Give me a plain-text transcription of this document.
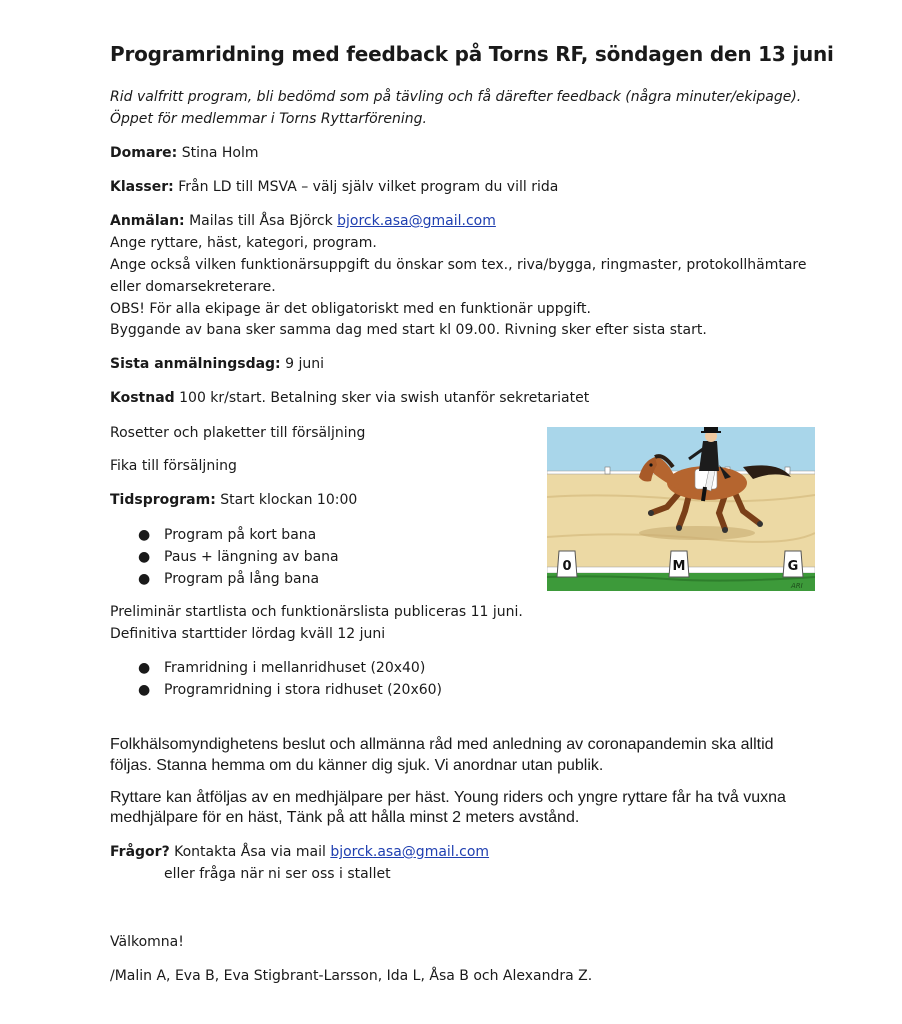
Programridning med feedback på Torns RF, söndagen den 13 juni
Rid valfritt program, bli bedömd som på tävling och få därefter feedback (några minuter/ekipage).
Öppet för medlemmar i Torns Ryttarförening.
Domare: Stina Holm
Klasser: Från LD till MSVA – välj själv vilket program du vill rida
Anmälan: Mailas till Åsa Björck bjorck.asa@gmail.com
Ange ryttare, häst, kategori, program.
Ange också vilken funktionärsuppgift du önskar som tex., riva/bygga, ringmaster, protokollhämtare
eller domarsekreterare.
OBS! För alla ekipage är det obligatoriskt med en funktionär uppgift.
Byggande av bana sker samma dag med start kl 09.00. Rivning sker efter sista start.
Sista anmälningsdag: 9 juni
Kostnad 100 kr/start. Betalning sker via swish utanför sekretariatet
Rosetter och plaketter till försäljning
Fika till försäljning
Tidsprogram: Start klockan 10:00
● Program på kort bana
● Paus + längning av bana
● Program på lång bana
Preliminär startlista och funktionärslista publiceras 11 juni.
Definitiva starttider lördag kväll 12 juni
● Framridning i mellanridhuset (20x40)
● Programridning i stora ridhuset (20x60)
Folkhälsomyndighetens beslut och allmänna råd med anledning av coronapandemin ska alltid
följas. Stanna hemma om du känner dig sjuk. Vi anordnar utan publik.
Ryttare kan åtföljas av en medhjälpare per häst. Young riders och yngre ryttare får ha två vuxna
medhjälpare för en häst, Tänk på att hålla minst 2 meters avstånd.
Frågor? Kontakta Åsa via mail bjorck.asa@gmail.com
eller fråga när ni ser oss i stallet
Välkomna!
/Malin A, Eva B, Eva Stigbrant-Larsson, Ida L, Åsa B och Alexandra Z.
0	M	G
ARI
